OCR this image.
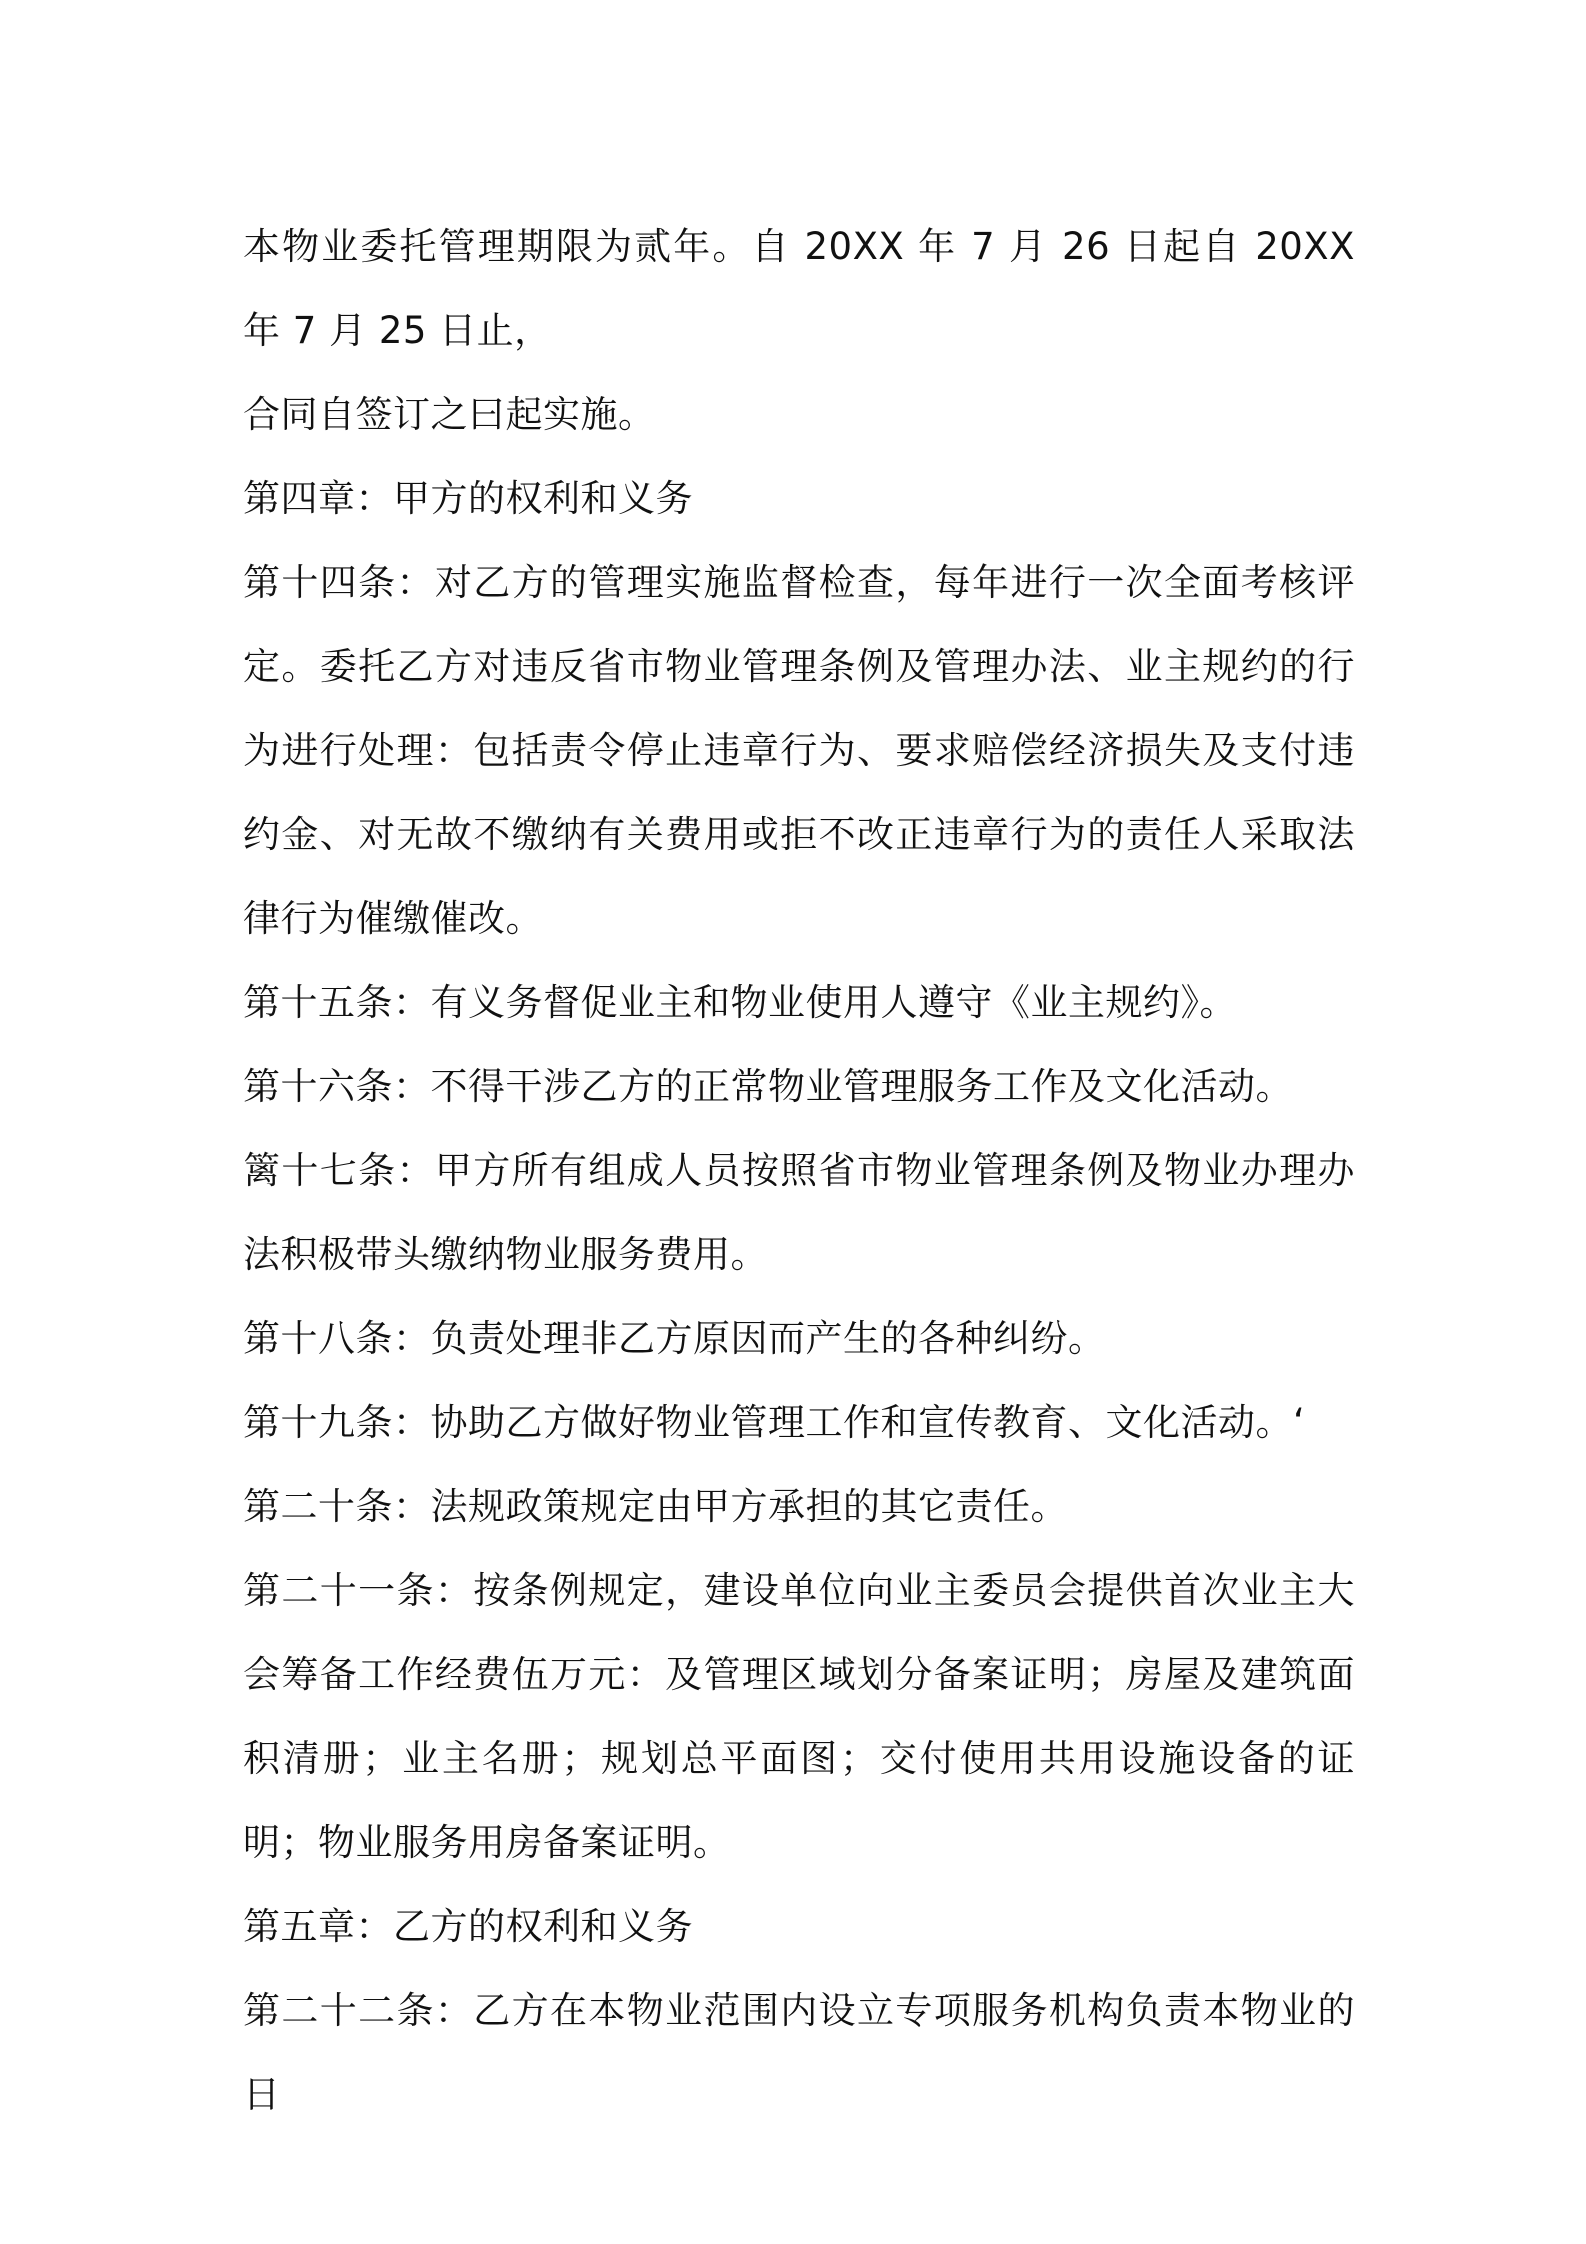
本物业委托管理期限为贰年。自 20XX 年 7 月 26 日起自 20XX 年 7 月 25 日止，

合同自签订之曰起实施。

第四章：甲方的权利和义务

第十四条：对乙方的管理实施监督检查，每年进行一次全面考核评定。委托乙方对违反省市物业管理条例及管理办法、业主规约的行为进行处理：包括责令停止违章行为、要求赔偿经济损失及支付违约金、对无故不缴纳有关费用或拒不改正违章行为的责任人采取法律行为催缴催改。

第十五条：有义务督促业主和物业使用人遵守《业主规约》。

第十六条：不得干涉乙方的正常物业管理服务工作及文化活动。

篱十七条：甲方所有组成人员按照省市物业管理条例及物业办理办法积极带头缴纳物业服务费用。

第十八条：负责处理非乙方原因而产生的各种纠纷。

第十九条：协助乙方做好物业管理工作和宣传教育、文化活动。‘

第二十条：法规政策规定由甲方承担的其它责任。

第二十一条：按条例规定，建设单位向业主委员会提供首次业主大会筹备工作经费伍万元：及管理区域划分备案证明；房屋及建筑面积清册；业主名册；规划总平面图；交付使用共用设施设备的证明；物业服务用房备案证明。

第五章：乙方的权利和义务

第二十二条：乙方在本物业范围内设立专项服务机构负责本物业的日
